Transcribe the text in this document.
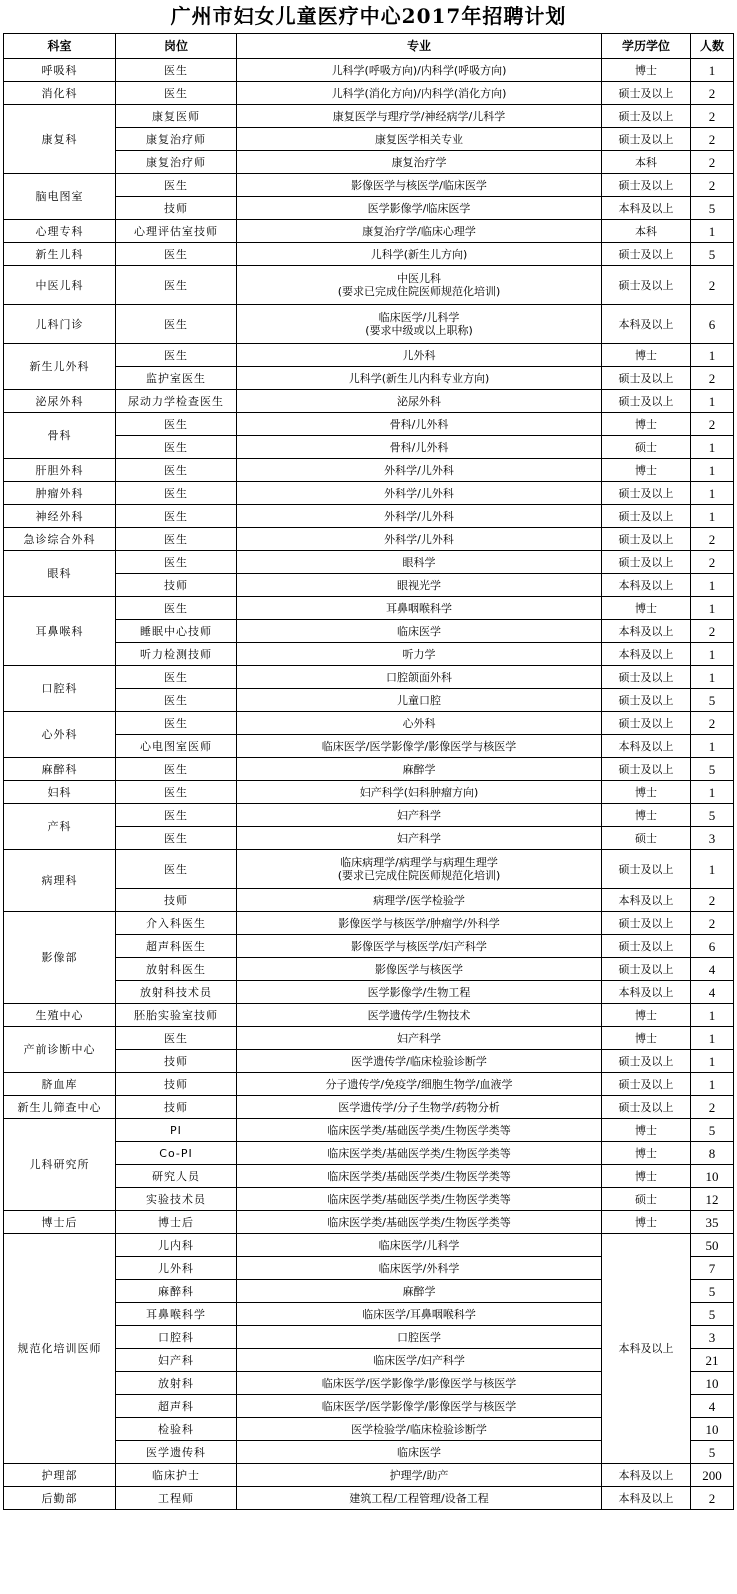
广州市妇女儿童医疗中心2017年招聘计划
科室	岗位	专业	学历学位	人数
呼吸科	医生	儿科学(呼吸方向)/内科学(呼吸方向)	博士	1
消化科	医生	儿科学(消化方向)/内科学(消化方向)	硕士及以上	2
康复科	康复医师	康复医学与理疗学/神经病学/儿科学	硕士及以上	2
	康复治疗师	康复医学相关专业	硕士及以上	2
	康复治疗师	康复治疗学	本科	2
脑电图室	医生	影像医学与核医学/临床医学	硕士及以上	2
	技师	医学影像学/临床医学	本科及以上	5
心理专科	心理评估室技师	康复治疗学/临床心理学	本科	1
新生儿科	医生	儿科学(新生儿方向)	硕士及以上	5
中医儿科	医生	中医儿科
(要求已完成住院医师规范化培训)	硕士及以上	2
儿科门诊	医生	临床医学/儿科学
(要求中级或以上职称)	本科及以上	6
新生儿外科	医生	儿外科	博士	1
	监护室医生	儿科学(新生儿内科专业方向)	硕士及以上	2
泌尿外科	尿动力学检查医生	泌尿外科	硕士及以上	1
骨科	医生	骨科/儿外科	博士	2
	医生	骨科/儿外科	硕士	1
肝胆外科	医生	外科学/儿外科	博士	1
肿瘤外科	医生	外科学/儿外科	硕士及以上	1
神经外科	医生	外科学/儿外科	硕士及以上	1
急诊综合外科	医生	外科学/儿外科	硕士及以上	2
眼科	医生	眼科学	硕士及以上	2
	技师	眼视光学	本科及以上	1
耳鼻喉科	医生	耳鼻咽喉科学	博士	1
	睡眠中心技师	临床医学	本科及以上	2
	听力检测技师	听力学	本科及以上	1
口腔科	医生	口腔颌面外科	硕士及以上	1
	医生	儿童口腔	硕士及以上	5
心外科	医生	心外科	硕士及以上	2
	心电图室医师	临床医学/医学影像学/影像医学与核医学	本科及以上	1
麻醉科	医生	麻醉学	硕士及以上	5
妇科	医生	妇产科学(妇科肿瘤方向)	博士	1
产科	医生	妇产科学	博士	5
	医生	妇产科学	硕士	3
病理科	医生	临床病理学/病理学与病理生理学
(要求已完成住院医师规范化培训)	硕士及以上	1
	技师	病理学/医学检验学	本科及以上	2
影像部	介入科医生	影像医学与核医学/肿瘤学/外科学	硕士及以上	2
	超声科医生	影像医学与核医学/妇产科学	硕士及以上	6
	放射科医生	影像医学与核医学	硕士及以上	4
	放射科技术员	医学影像学/生物工程	本科及以上	4
生殖中心	胚胎实验室技师	医学遗传学/生物技术	博士	1
产前诊断中心	医生	妇产科学	博士	1
	技师	医学遗传学/临床检验诊断学	硕士及以上	1
脐血库	技师	分子遗传学/免疫学/细胞生物学/血液学	硕士及以上	1
新生儿筛查中心	技师	医学遗传学/分子生物学/药物分析	硕士及以上	2
儿科研究所	PI	临床医学类/基础医学类/生物医学类等	博士	5
	Co-PI	临床医学类/基础医学类/生物医学类等	博士	8
	研究人员	临床医学类/基础医学类/生物医学类等	博士	10
	实验技术员	临床医学类/基础医学类/生物医学类等	硕士	12
博士后	博士后	临床医学类/基础医学类/生物医学类等	博士	35
规范化培训医师	儿内科	临床医学/儿科学	本科及以上	50
	儿外科	临床医学/外科学		7
	麻醉科	麻醉学		5
	耳鼻喉科学	临床医学/耳鼻咽喉科学		5
	口腔科	口腔医学		3
	妇产科	临床医学/妇产科学		21
	放射科	临床医学/医学影像学/影像医学与核医学		10
	超声科	临床医学/医学影像学/影像医学与核医学		4
	检验科	医学检验学/临床检验诊断学		10
	医学遗传科	临床医学		5
护理部	临床护士	护理学/助产	本科及以上	200
后勤部	工程师	建筑工程/工程管理/设备工程	本科及以上	2
